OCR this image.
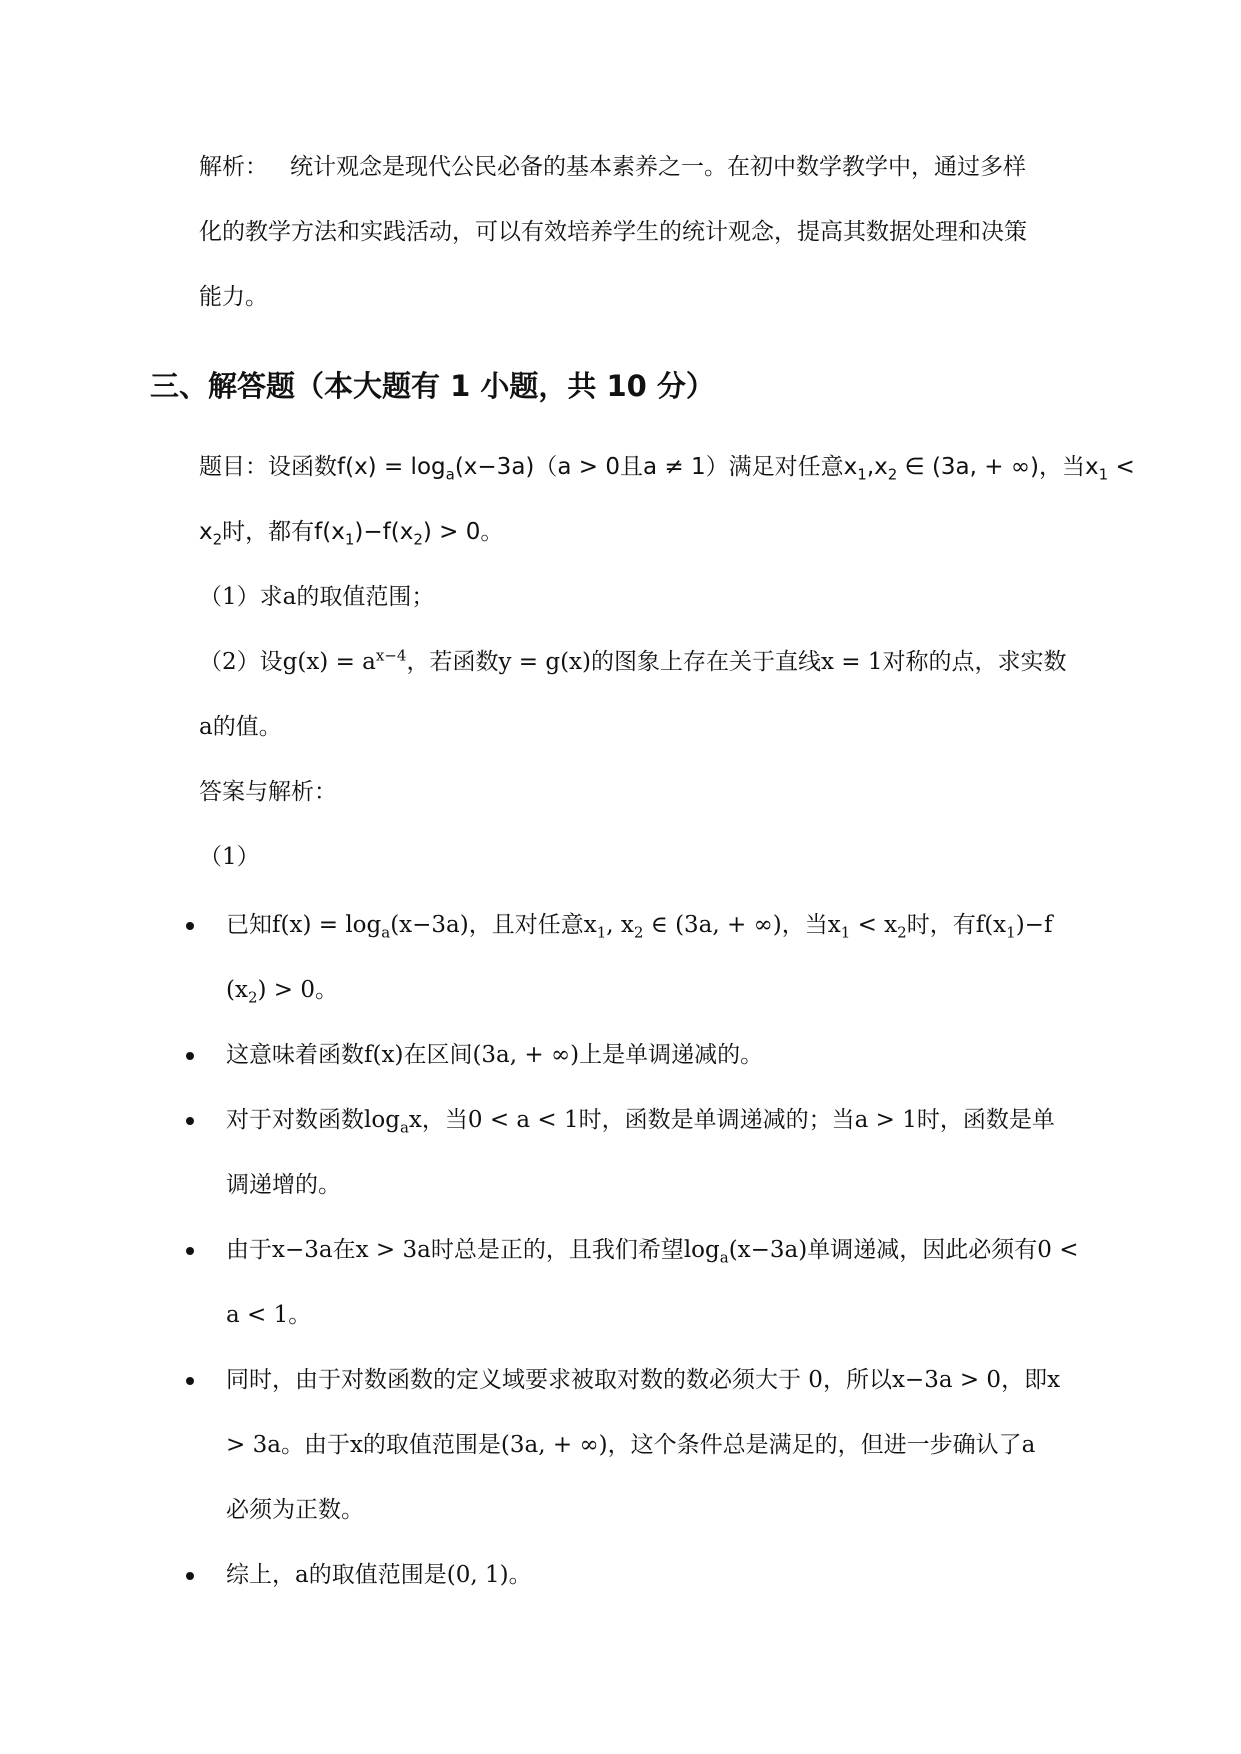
解析： 统计观念是现代公民必备的基本素养之一。在初中数学教学中，通过多样
化的教学方法和实践活动，可以有效培养学生的统计观念，提高其数据处理和决策
能力。
三、解答题（本大题有 1 小题，共 10 分）
题目：设函数$f(x) = \log_a(x-3a)(a > 0$且a ≠ 1）满足对任意$x_1,x_2$ ∈ (3a, + ∞)，当$x_1$ <
$x_2$时，都有$f(x_1)-f(x_2) > 0$。
（1）求a的取值范围；
（2）设$g(x) = a^{x-4}$，若函数y = g(x)的图象上存在关于直线x = 1对称的点，求实数
a的值。
答案与解析：
（1）
已知$f(x) = \log_a(x-3a)$，且对任意$x_1$, $x_2$ ∈ (3a, + ∞)，当$x_1 < x_2$时，有$f(x_1)-f$
$(x_2) > 0$。
这意味着函数f(x)在区间(3a, + ∞)上是单调递减的。
对于对数函数$\log_ax$，当0 < a < 1时，函数是单调递减的；当a > 1时，函数是单
调递增的。
由于x−3a在x > 3a时总是正的，且我们希望$\log_a(x-3a)$单调递减，因此必须有0 <
a < 1。
同时，由于对数函数的定义域要求被取对数的数必须大于 0，所以x−3a > 0，即x
> 3a。由于x的取值范围是(3a, + ∞)，这个条件总是满足的，但进一步确认了a
必须为正数。
综上，a的取值范围是(0, 1)。
